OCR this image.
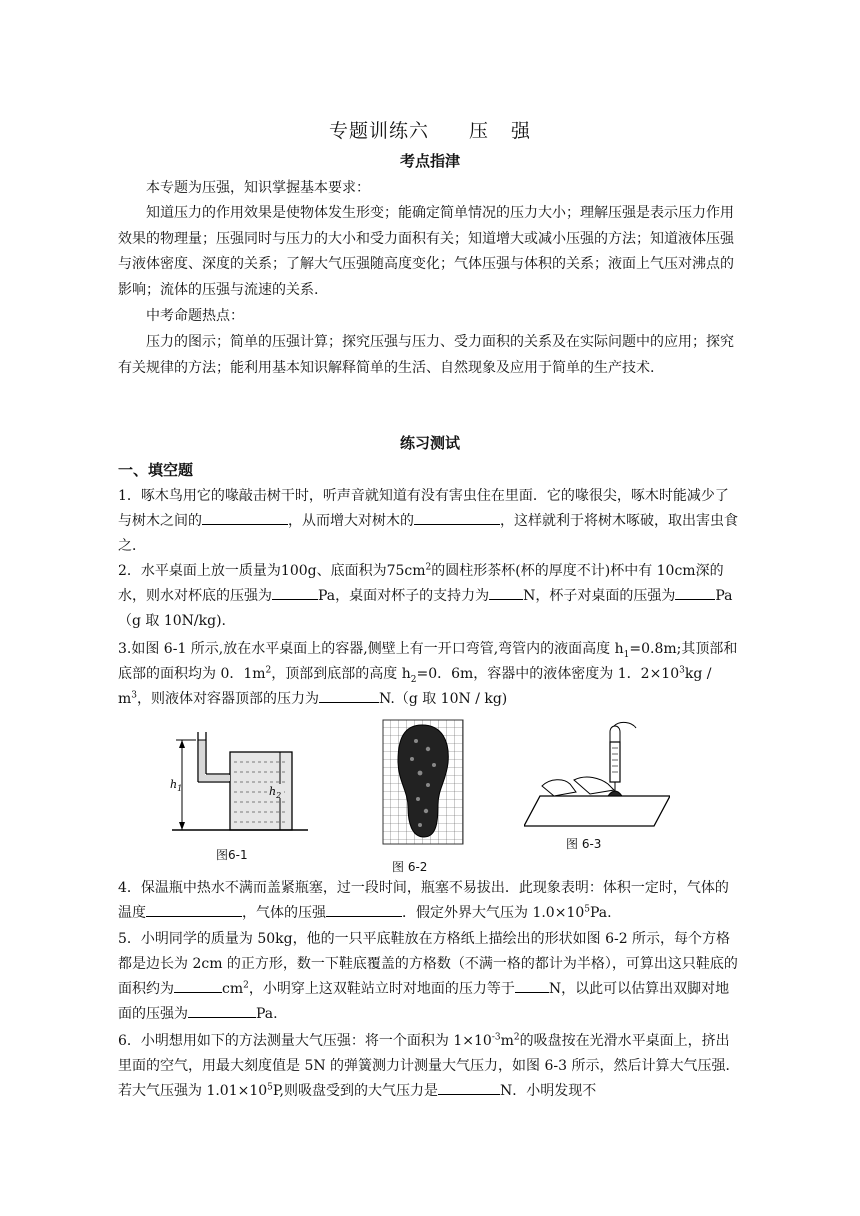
专题训练六 压 强
考点指津

本专题为压强，知识掌握基本要求：

知道压力的作用效果是使物体发生形变；能确定简单情况的压力大小；理解压强是表示压力作用效果的物理量；压强同时与压力的大小和受力面积有关；知道增大或减小压强的方法；知道液体压强与液体密度、深度的关系；了解大气压强随高度变化；气体压强与体积的关系；液面上气压对沸点的影响；流体的压强与流速的关系.

中考命题热点：

压力的图示；简单的压强计算；探究压强与压力、受力面积的关系及在实际问题中的应用；探究有关规律的方法；能利用基本知识解释简单的生活、自然现象及应用于简单的生产技术.

练习测试
一、填空题

1．啄木鸟用它的喙敲击树干时，听声音就知道有没有害虫住在里面．它的喙很尖，啄木时能减少了与树木之间的	，从而增大对树木的	，这样就利于将树木啄破，取出害虫食之．

2．水平桌面上放一质量为100g、底面积为$75cm^2$的圆柱形茶杯(杯的厚度不计)杯中有 10cm深的水，则水对杯底的压强为	Pa，桌面对杯子的支持力为 N，杯子对桌面的压强为	Pa（g 取 10N/kg).

3.如图 6-1 所示,放在水平桌面上的容器,侧壁上有一开口弯管,弯管内的液面高度 $h_1=0.8m$;其顶部和底部的面积均为 0．$1m^2$，顶部到底部的高度 $h_2=0$．6m，容器中的液体密度为 1．$2\times 10^3kg / m^3$，则液体对容器顶部的压力为	N.（g 取 10N / kg)

$h_1$	$h_2$
图6-1
图 6-2
图 6-3

4．保温瓶中热水不满而盖紧瓶塞，过一段时间，瓶塞不易拔出．此现象表明：体积一定时，气体的温度	，气体的压强	．假定外界大气压为 $1.0\times 10^5Pa$.

5．小明同学的质量为 50kg，他的一只平底鞋放在方格纸上描绘出的形状如图 6-2 所示，每个方格都是边长为 2cm 的正方形，数一下鞋底覆盖的方格数（不满一格的都计为半格），可算出这只鞋底的面积约为	$cm^2$，小明穿上这双鞋站立时对地面的压力等于 N，以此可以估算出双脚对地面的压强为	Pa.

6．小明想用如下的方法测量大气压强：将一个面积为 $1\times 10^{-3}m^2$的吸盘按在光滑水平桌面上，挤出里面的空气，用最大刻度值是 5N 的弹簧测力计测量大气压力，如图 6-3 所示，然后计算大气压强．若大气压强为 $1.01\times 10^5P$,则吸盘受到的大气压力是	N．小明发现不
